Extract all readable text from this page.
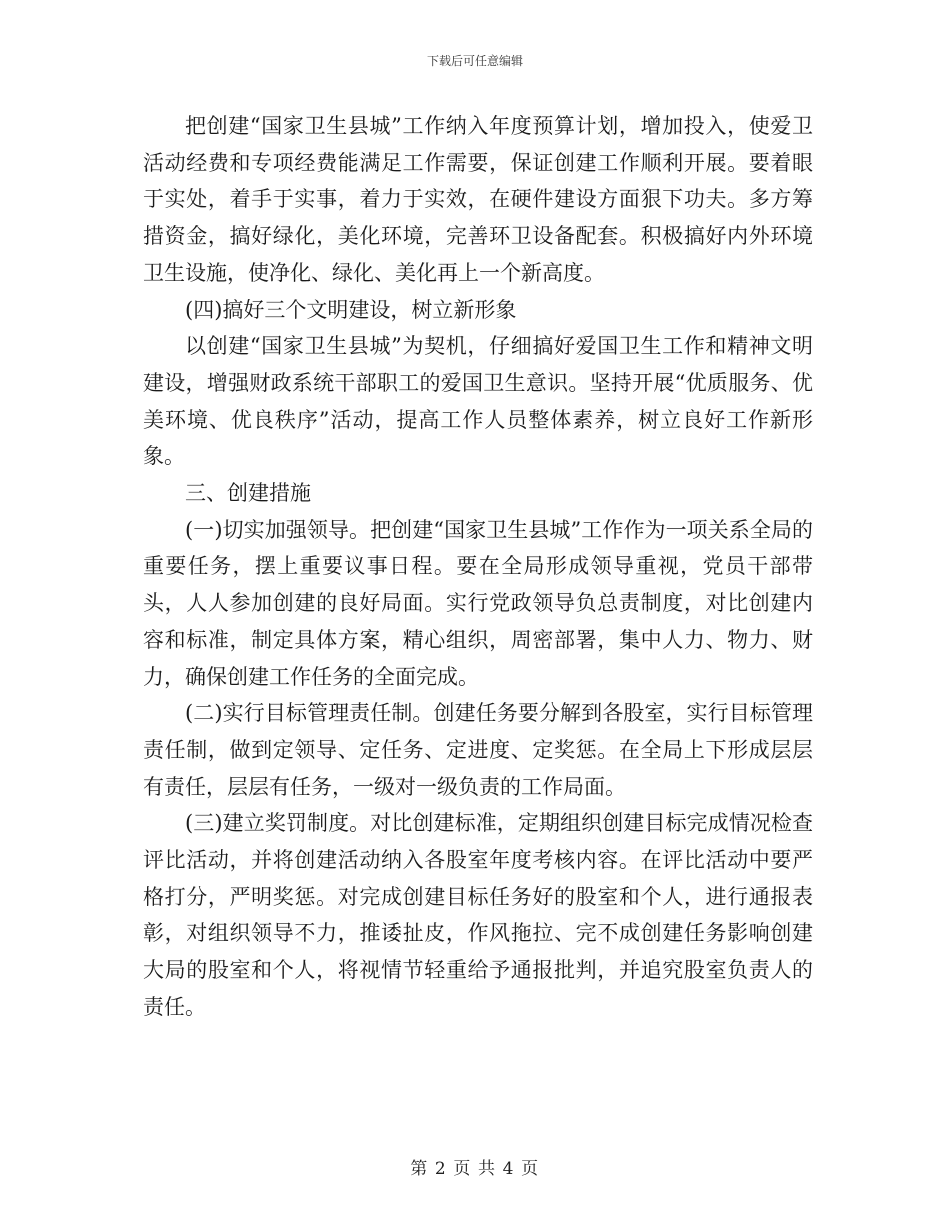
下载后可任意编辑

把创建“国家卫生县城”工作纳入年度预算计划，增加投入，使爱卫活动经费和专项经费能满足工作需要，保证创建工作顺利开展。要着眼于实处，着手于实事，着力于实效，在硬件建设方面狠下功夫。多方筹措资金，搞好绿化，美化环境，完善环卫设备配套。积极搞好内外环境卫生设施，使净化、绿化、美化再上一个新高度。

(四)搞好三个文明建设，树立新形象

以创建“国家卫生县城”为契机，仔细搞好爱国卫生工作和精神文明建设，增强财政系统干部职工的爱国卫生意识。坚持开展“优质服务、优美环境、优良秩序”活动，提高工作人员整体素养，树立良好工作新形象。

三、创建措施

(一)切实加强领导。把创建“国家卫生县城”工作作为一项关系全局的重要任务，摆上重要议事日程。要在全局形成领导重视，党员干部带头，人人参加创建的良好局面。实行党政领导负总责制度，对比创建内容和标准，制定具体方案，精心组织，周密部署，集中人力、物力、财力，确保创建工作任务的全面完成。

(二)实行目标管理责任制。创建任务要分解到各股室，实行目标管理责任制，做到定领导、定任务、定进度、定奖惩。在全局上下形成层层有责任，层层有任务，一级对一级负责的工作局面。

(三)建立奖罚制度。对比创建标准，定期组织创建目标完成情况检查评比活动，并将创建活动纳入各股室年度考核内容。在评比活动中要严格打分，严明奖惩。对完成创建目标任务好的股室和个人，进行通报表彰，对组织领导不力，推诿扯皮，作风拖拉、完不成创建任务影响创建大局的股室和个人，将视情节轻重给予通报批判，并追究股室负责人的责任。

第 2 页 共 4 页
